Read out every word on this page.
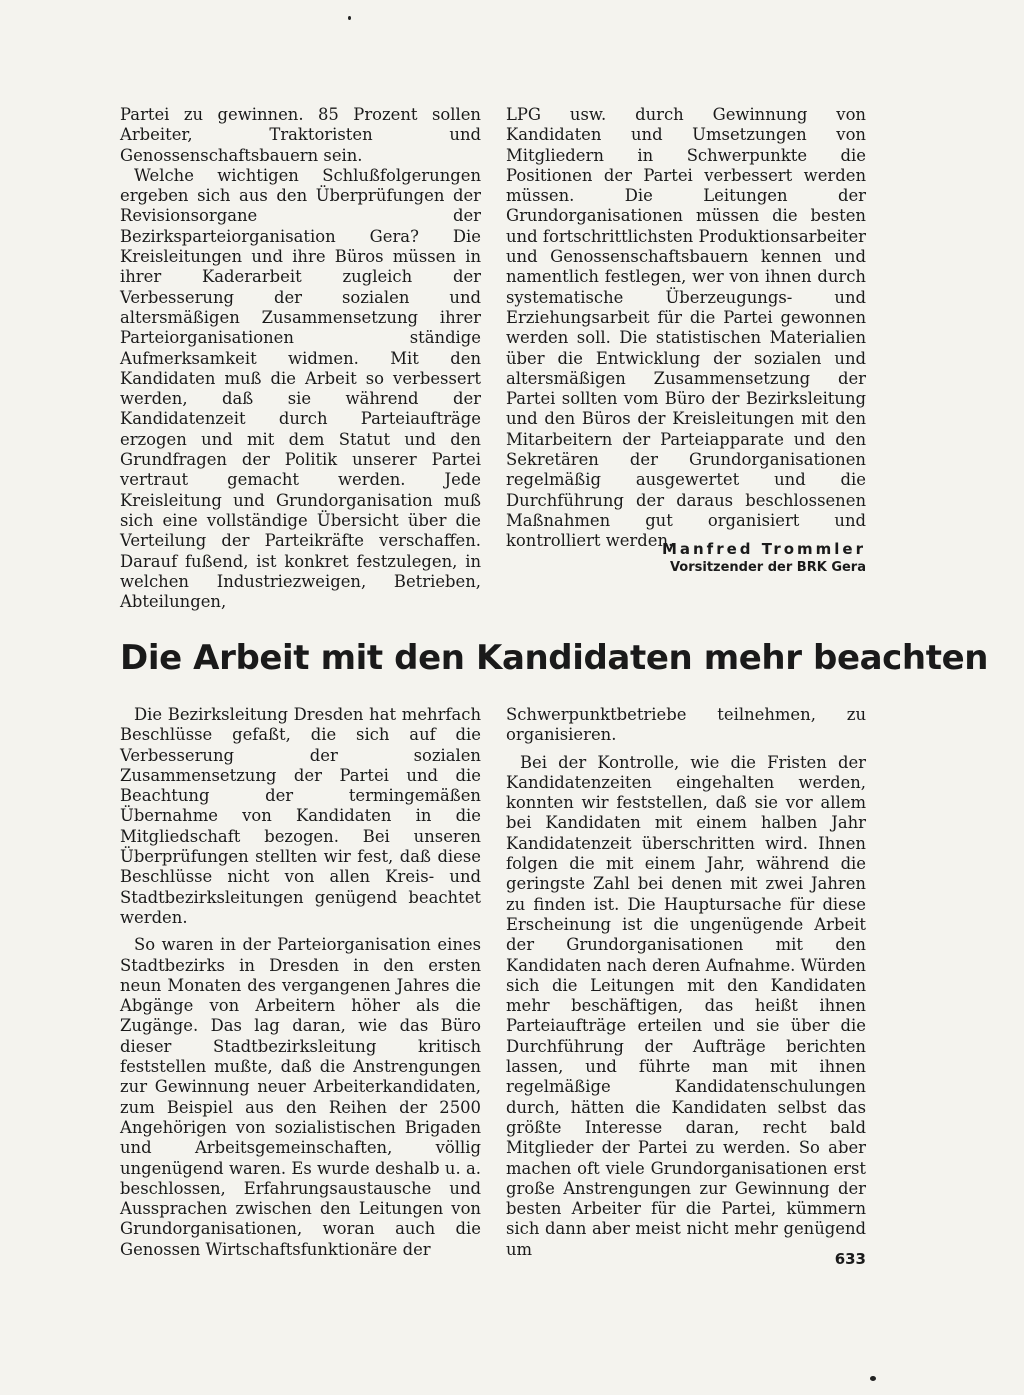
Partei zu gewinnen. 85 Prozent sollen Arbeiter, Traktoristen und Genossenschaftsbauern sein.

Welche wichtigen Schlußfolgerungen ergeben sich aus den Überprüfungen der Revisionsorgane der Bezirksparteiorganisation Gera? Die Kreisleitungen und ihre Büros müssen in ihrer Kaderarbeit zugleich der Verbesserung der sozialen und altersmäßigen Zusammensetzung ihrer Parteiorganisationen ständige Aufmerksamkeit widmen. Mit den Kandidaten muß die Arbeit so verbessert werden, daß sie während der Kandidatenzeit durch Parteiaufträge erzogen und mit dem Statut und den Grundfragen der Politik unserer Partei vertraut gemacht werden. Jede Kreisleitung und Grundorganisation muß sich eine vollständige Übersicht über die Verteilung der Parteikräfte verschaffen. Darauf fußend, ist konkret festzulegen, in welchen Industriezweigen, Betrieben, Abteilungen,

LPG usw. durch Gewinnung von Kandidaten und Umsetzungen von Mitgliedern in Schwerpunkte die Positionen der Partei verbessert werden müssen. Die Leitungen der Grundorganisationen müssen die besten und fortschrittlichsten Produktionsarbeiter und Genossenschaftsbauern kennen und namentlich festlegen, wer von ihnen durch systematische Überzeugungs- und Erziehungsarbeit für die Partei gewonnen werden soll. Die statistischen Materialien über die Entwicklung der sozialen und altersmäßigen Zusammensetzung der Partei sollten vom Büro der Bezirksleitung und den Büros der Kreisleitungen mit den Mitarbeitern der Parteiapparate und den Sekretären der Grundorganisationen regelmäßig ausgewertet und die Durchführung der daraus beschlossenen Maßnahmen gut organisiert und kontrolliert werden.

Manfred Trommler
Vorsitzender der BRK Gera
Die Arbeit mit den Kandidaten mehr beachten

Die Bezirksleitung Dresden hat mehrfach Beschlüsse gefaßt, die sich auf die Verbesserung der sozialen Zusammensetzung der Partei und die Beachtung der termingemäßen Übernahme von Kandidaten in die Mitgliedschaft bezogen. Bei unseren Überprüfungen stellten wir fest, daß diese Beschlüsse nicht von allen Kreis- und Stadtbezirksleitungen genügend beachtet werden.

So waren in der Parteiorganisation eines Stadtbezirks in Dresden in den ersten neun Monaten des vergangenen Jahres die Abgänge von Arbeitern höher als die Zugänge. Das lag daran, wie das Büro dieser Stadtbezirksleitung kritisch feststellen mußte, daß die Anstrengungen zur Gewinnung neuer Arbeiterkandidaten, zum Beispiel aus den Reihen der 2500 Angehörigen von sozialistischen Brigaden und Arbeitsgemeinschaften, völlig ungenügend waren. Es wurde deshalb u. a. beschlossen, Erfahrungsaustausche und Aussprachen zwischen den Leitungen von Grundorganisationen, woran auch die Genossen Wirtschaftsfunktionäre der

Schwerpunktbetriebe teilnehmen, zu organisieren.

Bei der Kontrolle, wie die Fristen der Kandidatenzeiten eingehalten werden, konnten wir feststellen, daß sie vor allem bei Kandidaten mit einem halben Jahr Kandidatenzeit überschritten wird. Ihnen folgen die mit einem Jahr, während die geringste Zahl bei denen mit zwei Jahren zu finden ist. Die Hauptursache für diese Erscheinung ist die ungenügende Arbeit der Grundorganisationen mit den Kandidaten nach deren Aufnahme. Würden sich die Leitungen mit den Kandidaten mehr beschäftigen, das heißt ihnen Parteiaufträge erteilen und sie über die Durchführung der Aufträge berichten lassen, und führte man mit ihnen regelmäßige Kandidatenschulungen durch, hätten die Kandidaten selbst das größte Interesse daran, recht bald Mitglieder der Partei zu werden. So aber machen oft viele Grundorganisationen erst große Anstrengungen zur Gewinnung der besten Arbeiter für die Partei, kümmern sich dann aber meist nicht mehr genügend um

633
